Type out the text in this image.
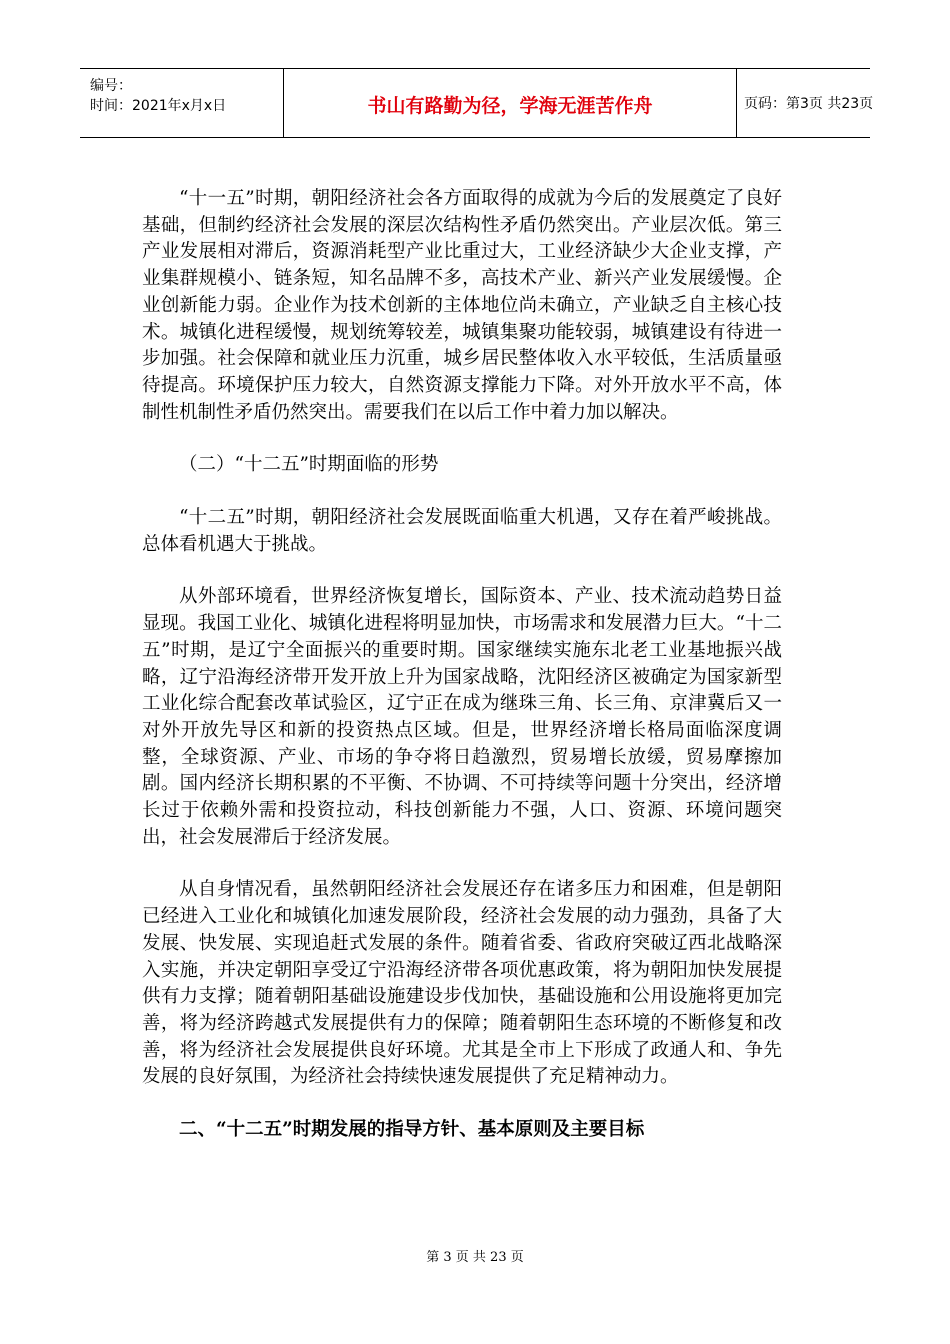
编号：
时间：2021年x月x日	书山有路勤为径，学海无涯苦作舟	页码：第3页 共23页

“十一五”时期，朝阳经济社会各方面取得的成就为今后的发展奠定了良好基础，但制约经济社会发展的深层次结构性矛盾仍然突出。产业层次低。第三产业发展相对滞后，资源消耗型产业比重过大，工业经济缺少大企业支撑，产业集群规模小、链条短，知名品牌不多，高技术产业、新兴产业发展缓慢。企业创新能力弱。企业作为技术创新的主体地位尚未确立，产业缺乏自主核心技术。城镇化进程缓慢，规划统筹较差，城镇集聚功能较弱，城镇建设有待进一步加强。社会保障和就业压力沉重，城乡居民整体收入水平较低，生活质量亟待提高。环境保护压力较大，自然资源支撑能力下降。对外开放水平不高，体制性机制性矛盾仍然突出。需要我们在以后工作中着力加以解决。

（二）“十二五”时期面临的形势

“十二五”时期，朝阳经济社会发展既面临重大机遇，又存在着严峻挑战。总体看机遇大于挑战。

从外部环境看，世界经济恢复增长，国际资本、产业、技术流动趋势日益显现。我国工业化、城镇化进程将明显加快，市场需求和发展潜力巨大。“十二五”时期，是辽宁全面振兴的重要时期。国家继续实施东北老工业基地振兴战略，辽宁沿海经济带开发开放上升为国家战略，沈阳经济区被确定为国家新型工业化综合配套改革试验区，辽宁正在成为继珠三角、长三角、京津冀后又一对外开放先导区和新的投资热点区域。但是，世界经济增长格局面临深度调整，全球资源、产业、市场的争夺将日趋激烈，贸易增长放缓，贸易摩擦加剧。国内经济长期积累的不平衡、不协调、不可持续等问题十分突出，经济增长过于依赖外需和投资拉动，科技创新能力不强，人口、资源、环境问题突出，社会发展滞后于经济发展。

从自身情况看，虽然朝阳经济社会发展还存在诸多压力和困难，但是朝阳已经进入工业化和城镇化加速发展阶段，经济社会发展的动力强劲，具备了大发展、快发展、实现追赶式发展的条件。随着省委、省政府突破辽西北战略深入实施，并决定朝阳享受辽宁沿海经济带各项优惠政策，将为朝阳加快发展提供有力支撑；随着朝阳基础设施建设步伐加快，基础设施和公用设施将更加完善，将为经济跨越式发展提供有力的保障；随着朝阳生态环境的不断修复和改善，将为经济社会发展提供良好环境。尤其是全市上下形成了政通人和、争先发展的良好氛围，为经济社会持续快速发展提供了充足精神动力。

二、“十二五”时期发展的指导方针、基本原则及主要目标
第 3 页 共 23 页
